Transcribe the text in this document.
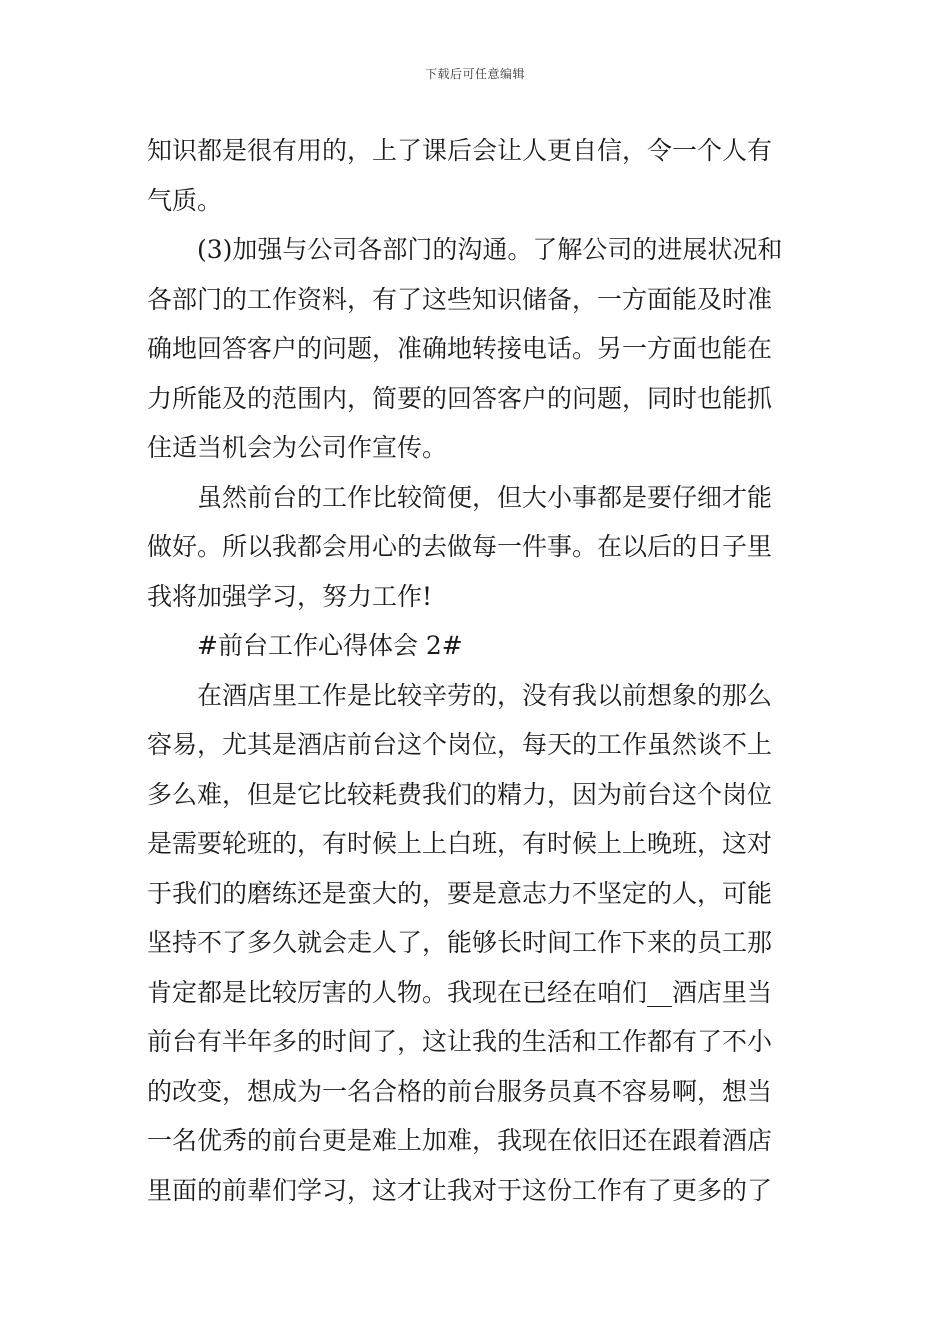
下载后可任意编辑
知识都是很有用的，上了课后会让人更自信，令一个人有
气质。
(3)加强与公司各部门的沟通。了解公司的进展状况和
各部门的工作资料，有了这些知识储备，一方面能及时准
确地回答客户的问题，准确地转接电话。另一方面也能在
力所能及的范围内，简要的回答客户的问题，同时也能抓
住适当机会为公司作宣传。
虽然前台的工作比较简便，但大小事都是要仔细才能
做好。所以我都会用心的去做每一件事。在以后的日子里
我将加强学习，努力工作!
#前台工作心得体会 2#
在酒店里工作是比较辛劳的，没有我以前想象的那么
容易，尤其是酒店前台这个岗位，每天的工作虽然谈不上
多么难，但是它比较耗费我们的精力，因为前台这个岗位
是需要轮班的，有时候上上白班，有时候上上晚班，这对
于我们的磨练还是蛮大的，要是意志力不坚定的人，可能
坚持不了多久就会走人了，能够长时间工作下来的员工那
肯定都是比较厉害的人物。我现在已经在咱们__酒店里当
前台有半年多的时间了，这让我的生活和工作都有了不小
的改变，想成为一名合格的前台服务员真不容易啊，想当
一名优秀的前台更是难上加难，我现在依旧还在跟着酒店
里面的前辈们学习，这才让我对于这份工作有了更多的了
